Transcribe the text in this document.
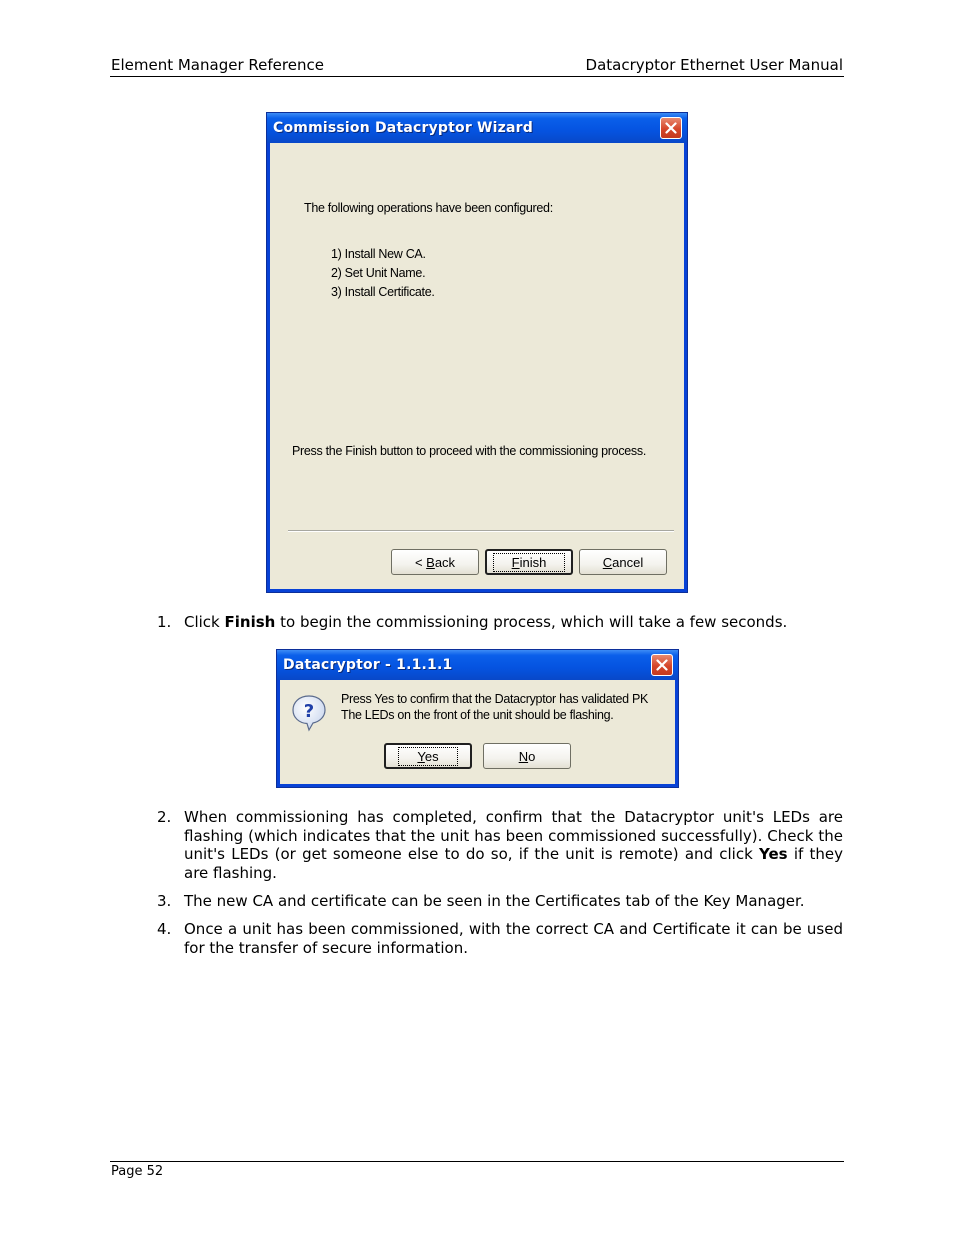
Element Manager Reference	Datacryptor Ethernet User Manual
Commission Datacryptor Wizard
The following operations have been configured:
1) Install New CA.
2) Set Unit Name.
3) Install Certificate.
Press the Finish button to proceed with the commissioning process.
< Back	Finish	Cancel
1. Click Finish to begin the commissioning process, which will take a few seconds.
Datacryptor - 1.1.1.1
?
Press Yes to confirm that the Datacryptor has validated PK
The LEDs on the front of the unit should be flashing.
Yes	No
2. When commissioning has completed, confirm that the Datacryptor unit's LEDs are flashing (which indicates that the unit has been commissioned successfully). Check the unit's LEDs (or get someone else to do so, if the unit is remote) and click Yes if they are flashing.
3. The new CA and certificate can be seen in the Certificates tab of the Key Manager.
4. Once a unit has been commissioned, with the correct CA and Certificate it can be used for the transfer of secure information.
Page 52
